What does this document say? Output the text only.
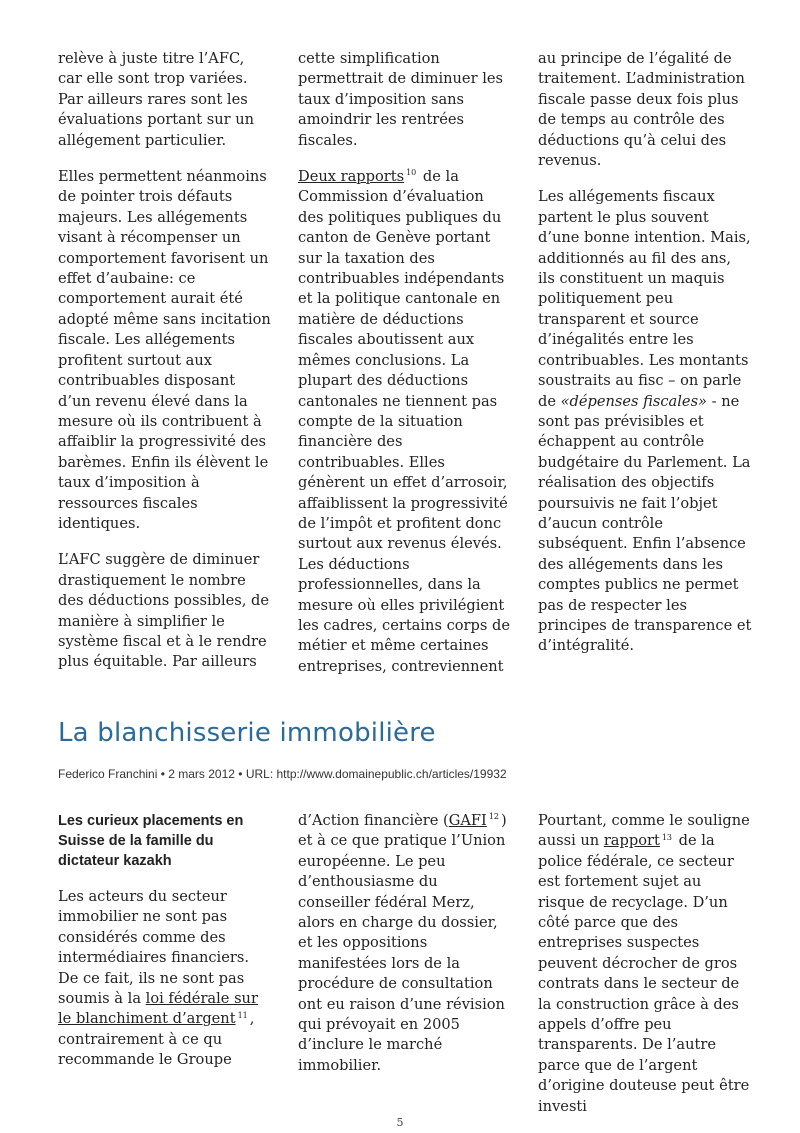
relève à juste titre l’AFC, car elle sont trop variées. Par ailleurs rares sont les évaluations portant sur un allégement particulier.

Elles permettent néanmoins de pointer trois défauts majeurs. Les allégements visant à récompenser un comportement favorisent un effet d’aubaine: ce comportement aurait été adopté même sans incitation fiscale. Les allégements profitent surtout aux contribuables disposant d’un revenu élevé dans la mesure où ils contribuent à affaiblir la progressivité des barèmes. Enfin ils élèvent le taux d’imposition à ressources fiscales identiques.

L’AFC suggère de diminuer drastiquement le nombre des déductions possibles, de manière à simplifier le système fiscal et à le rendre plus équitable. Par ailleurs

cette simplification permettrait de diminuer les taux d’imposition sans amoindrir les rentrées fiscales.

Deux rapports $^{10}$ de la Commission d’évaluation des politiques publiques du canton de Genève portant sur la taxation des contribuables indépendants et la politique cantonale en matière de déductions fiscales aboutissent aux mêmes conclusions. La plupart des déductions cantonales ne tiennent pas compte de la situation financière des contribuables. Elles génèrent un effet d’arrosoir, affaiblissent la progressivité de l’impôt et profitent donc surtout aux revenus élevés. Les déductions professionnelles, dans la mesure où elles privilégient les cadres, certains corps de métier et même certaines entreprises, contreviennent

au principe de l’égalité de traitement. L’administration fiscale passe deux fois plus de temps au contrôle des déductions qu’à celui des revenus.

Les allégements fiscaux partent le plus souvent d’une bonne intention. Mais, additionnés au fil des ans, ils constituent un maquis politiquement peu transparent et source d’inégalités entre les contribuables. Les montants soustraits au fisc – on parle de «dépenses fiscales» - ne sont pas prévisibles et échappent au contrôle budgétaire du Parlement. La réalisation des objectifs poursuivis ne fait l’objet d’aucun contrôle subséquent. Enfin l’absence des allégements dans les comptes publics ne permet pas de respecter les principes de transparence et d’intégralité.

La blanchisserie immobilière
Federico Franchini • 2 mars 2012 • URL: http://www.domainepublic.ch/articles/19932
Les curieux placements en Suisse de la famille du dictateur kazakh

Les acteurs du secteur immobilier ne sont pas considérés comme des intermédiaires financiers. De ce fait, ils ne sont pas soumis à la loi fédérale sur le blanchiment d’argent $^{11}$ , contrairement à ce qu recommande le Groupe

d’Action financière (GAFI $^{12}$ ) et à ce que pratique l’Union européenne. Le peu d’enthousiasme du conseiller fédéral Merz, alors en charge du dossier, et les oppositions manifestées lors de la procédure de consultation ont eu raison d’une révision qui prévoyait en 2005 d’inclure le marché immobilier.

Pourtant, comme le souligne aussi un rapport $^{13}$ de la police fédérale, ce secteur est fortement sujet au risque de recyclage. D’un côté parce que des entreprises suspectes peuvent décrocher de gros contrats dans le secteur de la construction grâce à des appels d’offre peu transparents. De l’autre parce que de l’argent d’origine douteuse peut être investi

5
